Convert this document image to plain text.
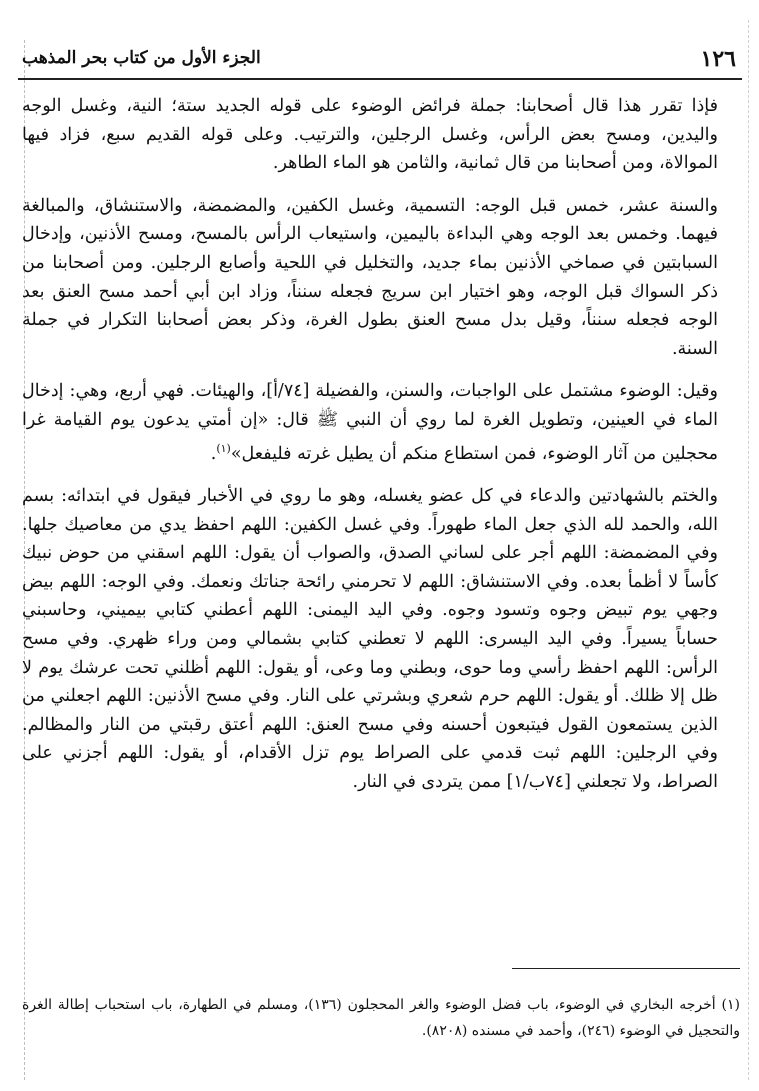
١٢٦
الجزء الأول من كتاب بحر المذهب

فإذا تقرر هذا قال أصحابنا: جملة فرائض الوضوء على قوله الجديد ستة؛ النية، وغسل الوجه واليدين، ومسح بعض الرأس، وغسل الرجلين، والترتيب. وعلى قوله القديم سبع، فزاد فيها الموالاة، ومن أصحابنا من قال ثمانية، والثامن هو الماء الطاهر.

والسنة عشر، خمس قبل الوجه: التسمية، وغسل الكفين، والمضمضة، والاستنشاق، والمبالغة فيهما. وخمس بعد الوجه وهي البداءة باليمين، واستيعاب الرأس بالمسح، ومسح الأذنين، وإدخال السبابتين في صماخي الأذنين بماء جديد، والتخليل في اللحية وأصابع الرجلين. ومن أصحابنا من ذكر السواك قبل الوجه، وهو اختيار ابن سريج فجعله سنناً، وزاد ابن أبي أحمد مسح العنق بعد الوجه فجعله سنناً، وقيل بدل مسح العنق بطول الغرة، وذكر بعض أصحابنا التكرار في جملة السنة.

وقيل: الوضوء مشتمل على الواجبات، والسنن، والفضيلة [٧٤/أ]، والهيئات. فهي أربع، وهي: إدخال الماء في العينين، وتطويل الغرة لما روي أن النبي ﷺ قال: «إن أمتي يدعون يوم القيامة غرا محجلين من آثار الوضوء، فمن استطاع منكم أن يطيل غرته فليفعل»$^{(١)}$.

والختم بالشهادتين والدعاء في كل عضو يغسله، وهو ما روي في الأخبار فيقول في ابتدائه: بسم الله، والحمد لله الذي جعل الماء طهوراً. وفي غسل الكفين: اللهم احفظ يدي من معاصيك جلها. وفي المضمضة: اللهم أجر على لساني الصدق، والصواب أن يقول: اللهم اسقني من حوض نبيك كأساً لا أظمأ بعده. وفي الاستنشاق: اللهم لا تحرمني رائحة جناتك ونعمك. وفي الوجه: اللهم بيض وجهي يوم تبيض وجوه وتسود وجوه. وفي اليد اليمنى: اللهم أعطني كتابي بيميني، وحاسبني حساباً يسيراً. وفي اليد اليسرى: اللهم لا تعطني كتابي بشمالي ومن وراء ظهري. وفي مسح الرأس: اللهم احفظ رأسي وما حوى، وبطني وما وعى، أو يقول: اللهم أظلني تحت عرشك يوم لا ظل إلا ظلك. أو يقول: اللهم حرم شعري وبشرتي على النار. وفي مسح الأذنين: اللهم اجعلني من الذين يستمعون القول فيتبعون أحسنه وفي مسح العنق: اللهم أعتق رقبتي من النار والمظالم. وفي الرجلين: اللهم ثبت قدمي على الصراط يوم تزل الأقدام، أو يقول: اللهم أجزني على الصراط، ولا تجعلني [٧٤ب/١] ممن يتردى في النار.

(١) أخرجه البخاري في الوضوء، باب فضل الوضوء والغر المحجلون (١٣٦)، ومسلم في الطهارة، باب استحباب إطالة الغرة والتحجيل في الوضوء (٢٤٦)، وأحمد في مسنده (٨٢٠٨).
